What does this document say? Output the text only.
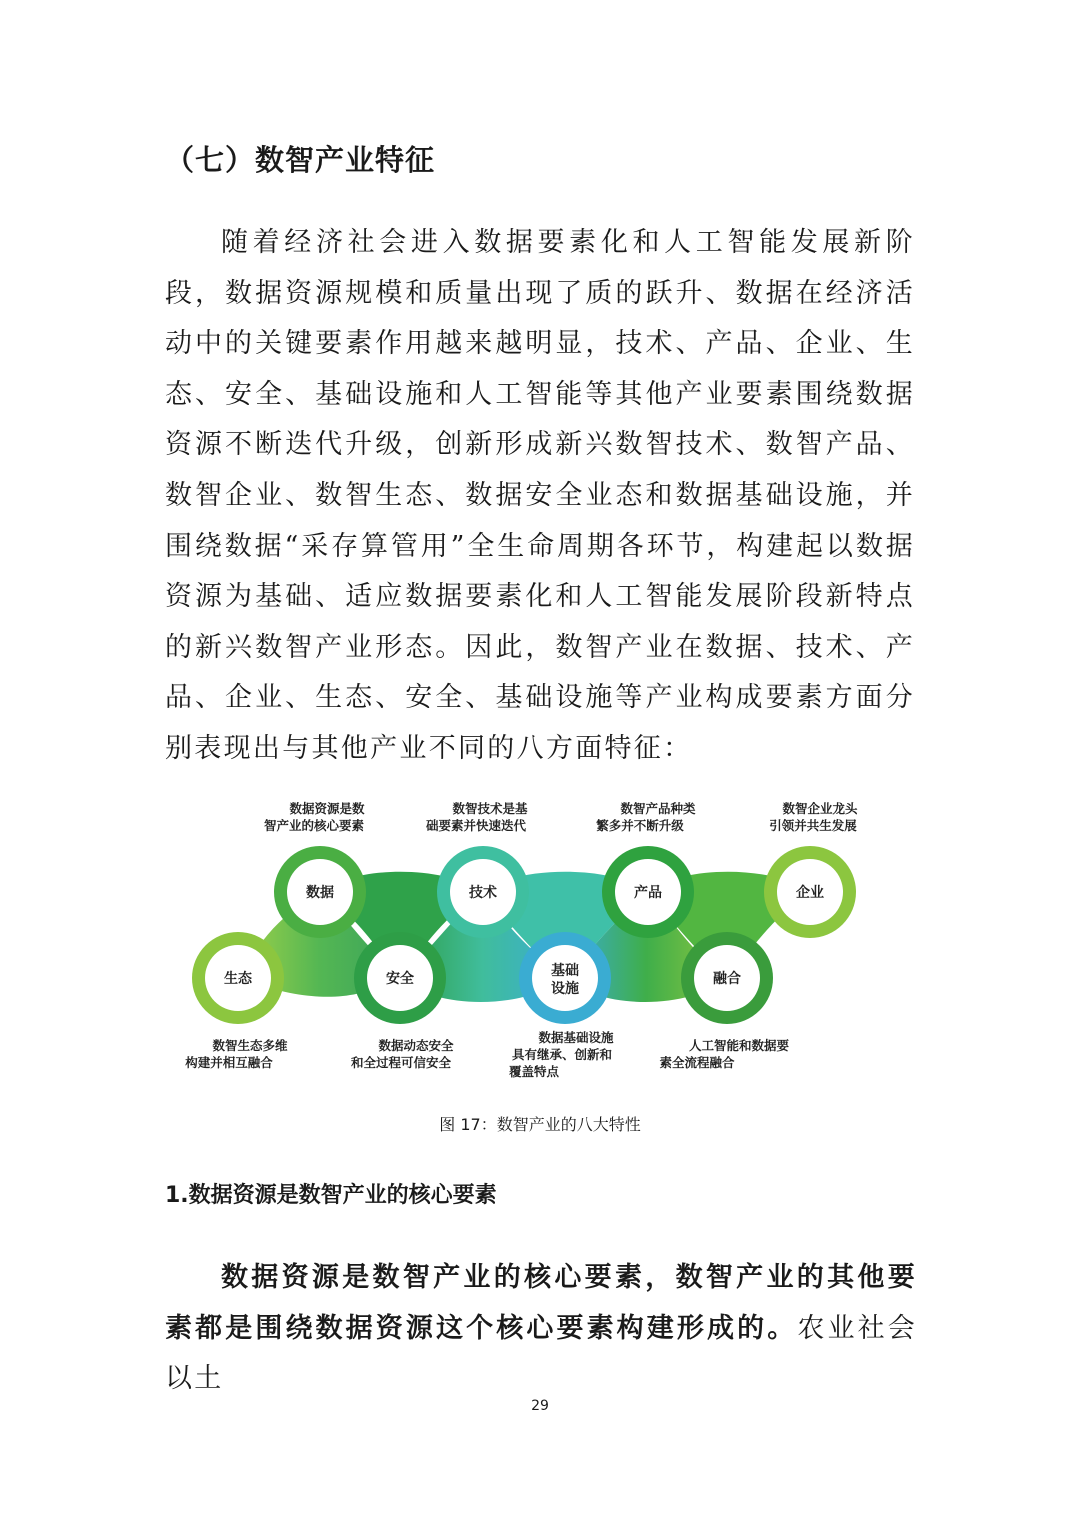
（七）数智产业特征

随着经济社会进入数据要素化和人工智能发展新阶段，数据资源规模和质量出现了质的跃升、数据在经济活动中的关键要素作用越来越明显，技术、产品、企业、生态、安全、基础设施和人工智能等其他产业要素围绕数据资源不断迭代升级，创新形成新兴数智技术、数智产品、数智企业、数智生态、数据安全业态和数据基础设施，并围绕数据“采存算管用”全生命周期各环节，构建起以数据资源为基础、适应数据要素化和人工智能发展阶段新特点的新兴数智产业形态。因此，数智产业在数据、技术、产品、企业、生态、安全、基础设施等产业构成要素方面分别表现出与其他产业不同的八方面特征：

数据	技术	产品	企业
生态	安全	基础
设施
融合
数据资源是数
智产业的核心要素
数智技术是基
础要素并快速迭代
数智产品种类
繁多并不断升级
数智企业龙头
引领并共生发展
数智生态多维
构建并相互融合
数据动态安全
和全过程可信安全
数据基础设施
具有继承、创新和
覆盖特点
人工智能和数据要
素全流程融合
图 17：数智产业的八大特性
1.数据资源是数智产业的核心要素

数据资源是数智产业的核心要素，数智产业的其他要素都是围绕数据资源这个核心要素构建形成的。农业社会以土

29
